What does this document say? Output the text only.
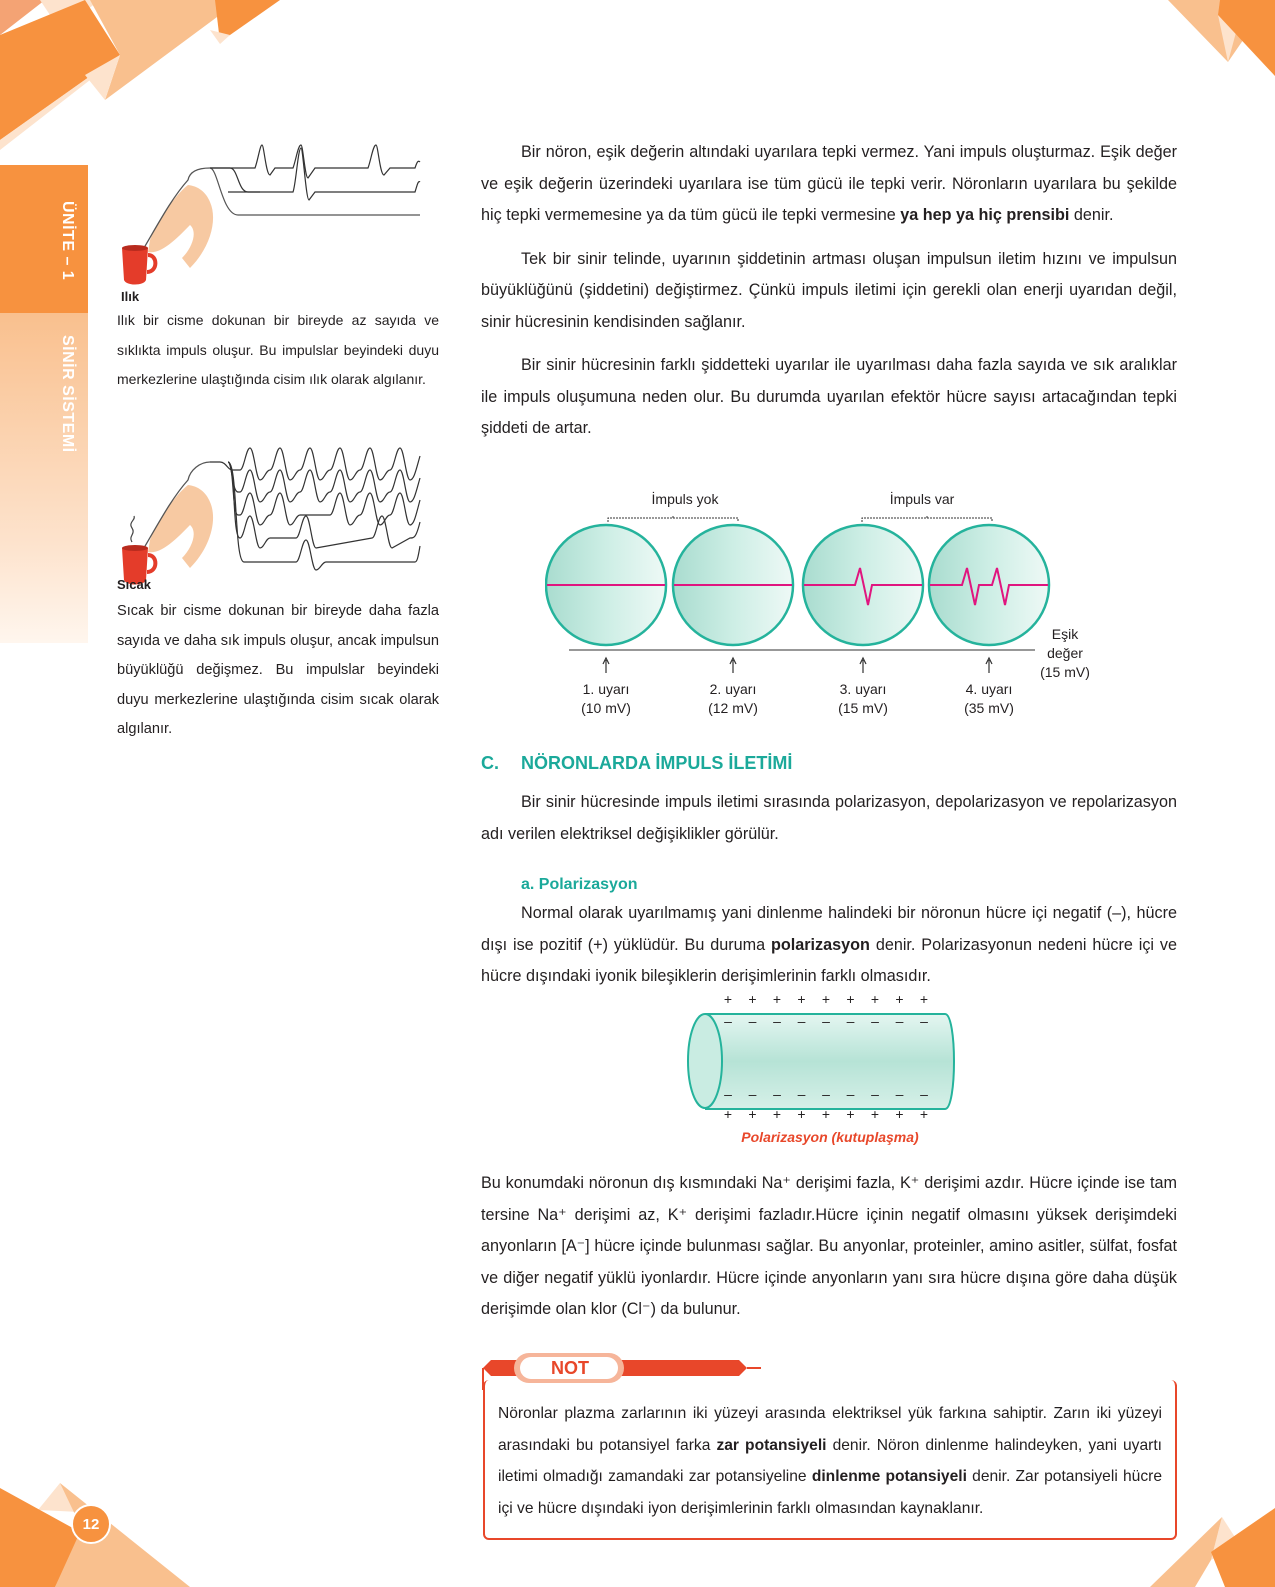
ÜNİTE – 1
SİNİR SİSTEMİ
Ilık
Ilık bir cisme dokunan bir bireyde az sayıda ve sıklıkta impuls oluşur. Bu impulslar beyindeki duyu merkezlerine ulaştığında cisim ılık olarak algılanır.
Sıcak
Sıcak bir cisme dokunan bir bireyde daha fazla sayıda ve daha sık impuls oluşur, ancak impulsun büyüklüğü değişmez. Bu impulslar beyindeki duyu merkezlerine ulaştığında cisim sıcak olarak algılanır.

Bir nöron, eşik değerin altındaki uyarılara tepki vermez. Yani impuls oluşturmaz. Eşik değer ve eşik değerin üzerindeki uyarılara ise tüm gücü ile tepki verir. Nöronların uyarılara bu şekilde hiç tepki vermemesine ya da tüm gücü ile tepki vermesine ya hep ya hiç prensibi denir.

Tek bir sinir telinde, uyarının şiddetinin artması oluşan impulsun iletim hızını ve impulsun büyüklüğünü (şiddetini) değiştirmez. Çünkü impuls iletimi için gerekli olan enerji uyarıdan değil, sinir hücresinin kendisinden sağlanır.

Bir sinir hücresinin farklı şiddetteki uyarılar ile uyarılması daha fazla sayıda ve sık aralıklar ile impuls oluşumuna neden olur. Bu durumda uyarılan efektör hücre sayısı artacağından tepki şiddeti de artar.

İmpuls yok	İmpuls var
Eşik
değer
(15 mV)
1. uyarı
(10 mV)
2. uyarı
(12 mV)
3. uyarı
(15 mV)
4. uyarı
(35 mV)
C. NÖRONLARDA İMPULS İLETİMİ

Bir sinir hücresinde impuls iletimi sırasında polarizasyon, depolarizasyon ve repolarizasyon adı verilen elektriksel değişiklikler görülür.

a. Polarizasyon

Normal olarak uyarılmamış yani dinlenme halindeki bir nöronun hücre içi negatif (–), hücre dışı ise pozitif (+) yüklüdür. Bu duruma polarizasyon denir. Polarizasyonun nedeni hücre içi ve hücre dışındaki iyonik bileşiklerin derişimlerinin farklı olmasıdır.

+
–
–
+
+
–
–
+
+
–
–
+
+
–
–
+
+
–
–
+
+
–
–
+
+
–
–
+
+
–
–
+
+
–
–
+
Polarizasyon (kutuplaşma)

Bu konumdaki nöronun dış kısmındaki Na⁺ derişimi fazla, K⁺ derişimi azdır. Hücre içinde ise tam tersine Na⁺ derişimi az, K⁺ derişimi fazladır.Hücre içinin negatif olmasını yüksek derişimdeki anyonların [A⁻] hücre içinde bulunması sağlar. Bu anyonlar, proteinler, amino asitler, sülfat, fosfat ve diğer negatif yüklü iyonlardır. Hücre içinde anyonların yanı sıra hücre dışına göre daha düşük derişimde olan klor (Cl⁻) da bulunur.

NOT
Nöronlar plazma zarlarının iki yüzeyi arasında elektriksel yük farkına sahiptir. Zarın iki yüzeyi arasındaki bu potansiyel farka zar potansiyeli denir. Nöron dinlenme halindeyken, yani uyartı iletimi olmadığı zamandaki zar potansiyeline dinlenme potansiyeli denir. Zar potansiyeli hücre içi ve hücre dışındaki iyon derişimlerinin farklı olmasından kaynaklanır.
12
